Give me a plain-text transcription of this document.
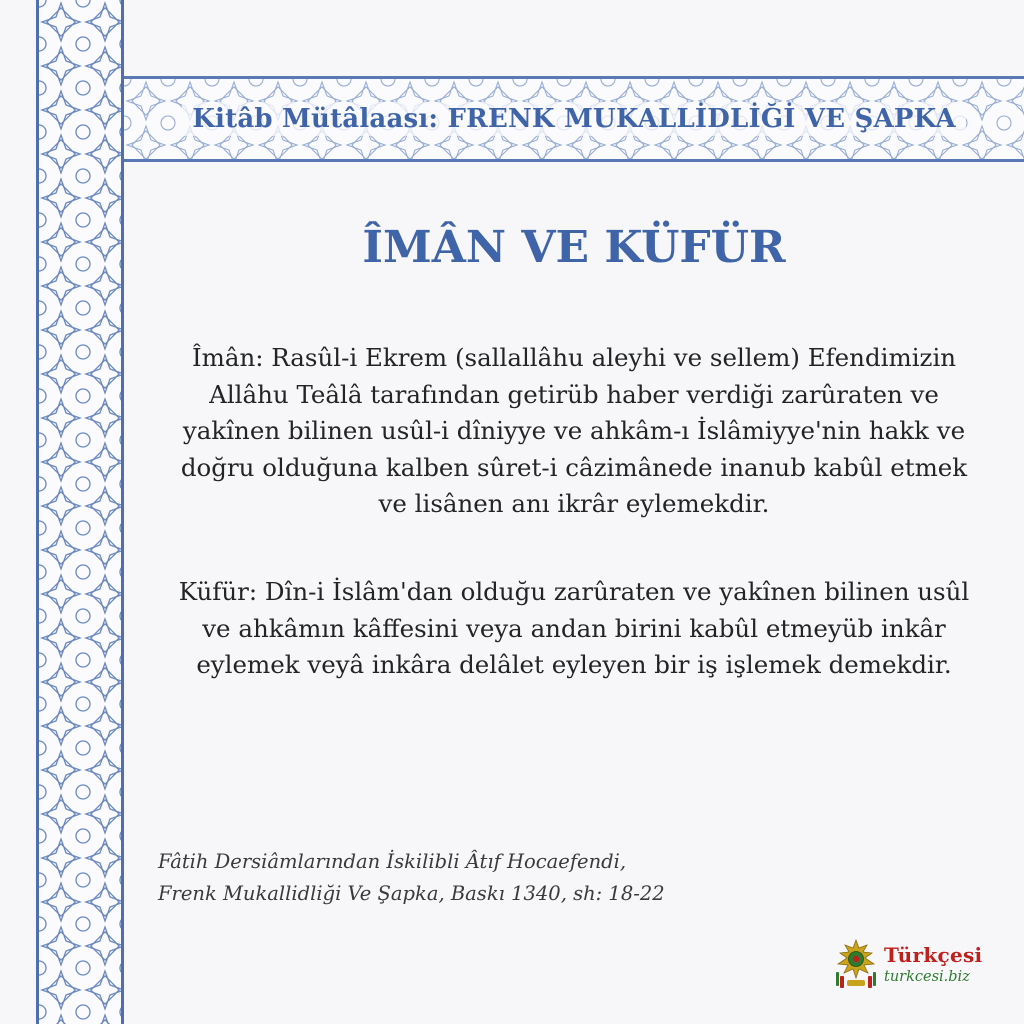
Kitâb Mütâlaası: FRENK MUKALLİDLİĞİ VE ŞAPKA
ÎMÂN VE KÜFÜR

Îmân: Rasûl-i Ekrem (sallallâhu aleyhi ve sellem) Efendimizin Allâhu Teâlâ tarafından getirüb haber verdiği zarûraten ve yakînen bilinen usûl-i dîniyye ve ahkâm-ı İslâmiyye'nin hakk ve doğru olduğuna kalben sûret-i câzimânede inanub kabûl etmek ve lisânen anı ikrâr eylemekdir.

Küfür: Dîn-i İslâm'dan olduğu zarûraten ve yakînen bilinen usûl ve ahkâmın kâffesini veya andan birini kabûl etmeyüb inkâr eylemek veyâ inkâra delâlet eyleyen bir iş işlemek demekdir.

Fâtih Dersiâmlarından İskilibli Âtıf Hocaefendi,
Frenk Mukallidliği Ve Şapka, Baskı 1340, sh: 18-22
Türkçesi
turkcesi.biz
